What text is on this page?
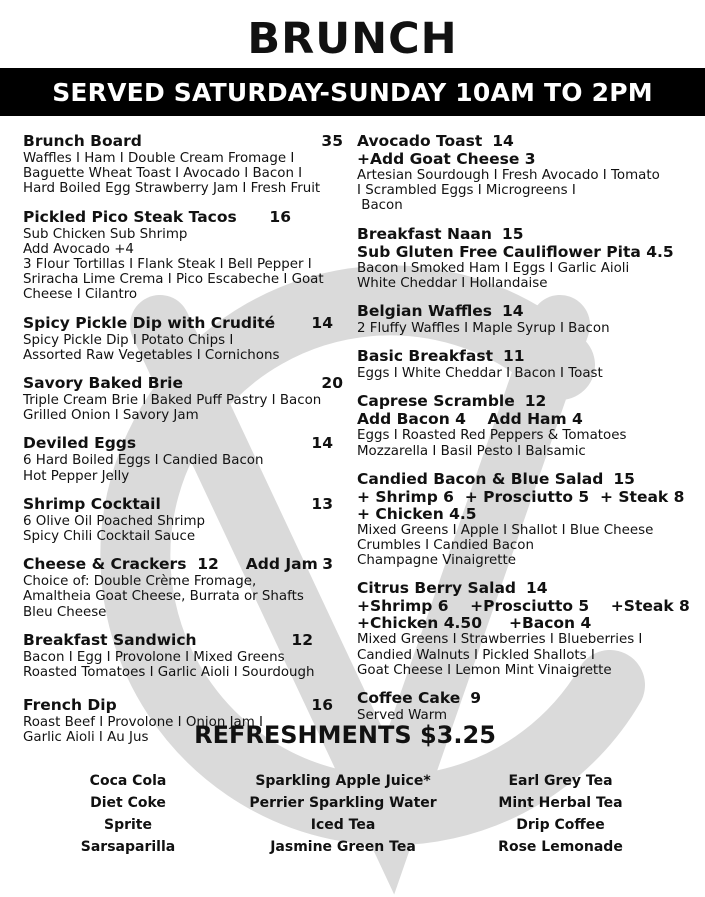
BRUNCH
SERVED SATURDAY-SUNDAY 10AM TO 2PM
Brunch Board	35
Waffles I Ham I Double Cream Fromage I
Baguette Wheat Toast I Avocado I Bacon I
Hard Boiled Egg Strawberry Jam I Fresh Fruit
Pickled Pico Steak Tacos 16
Sub Chicken Sub Shrimp
Add Avocado +4
3 Flour Tortillas I Flank Steak I Bell Pepper I
Sriracha Lime Crema I Pico Escabeche I Goat
Cheese I Cilantro
Spicy Pickle Dip with Crudité 14
Spicy Pickle Dip I Potato Chips I
Assorted Raw Vegetables I Cornichons
Savory Baked Brie	20
Triple Cream Brie I Baked Puff Pastry I Bacon
Grilled Onion I Savory Jam
Deviled Eggs	14
6 Hard Boiled Eggs I Candied Bacon
Hot Pepper Jelly
Shrimp Cocktail	13
6 Olive Oil Poached Shrimp
Spicy Chili Cocktail Sauce
Cheese & Crackers  12     Add Jam 3
Choice of: Double Crème Fromage,
Amaltheia Goat Cheese, Burrata or Shafts
Bleu Cheese
Breakfast Sandwich	12
Bacon I Egg I Provolone I Mixed Greens
Roasted Tomatoes I Garlic Aioli I Sourdough
French Dip	16
Roast Beef I Provolone I Onion Jam I
Garlic Aioli I Au Jus
Avocado Toast 14
+Add Goat Cheese 3
Artesian Sourdough I Fresh Avocado I Tomato
I Scrambled Eggs I Microgreens I
Bacon
Breakfast Naan 15
Sub Gluten Free Cauliflower Pita 4.5
Bacon I Smoked Ham I Eggs I Garlic Aioli
White Cheddar I Hollandaise
Belgian Waffles 14
2 Fluffy Waffles I Maple Syrup I Bacon
Basic Breakfast 11
Eggs I White Cheddar I Bacon I Toast
Caprese Scramble 12
Add Bacon 4    Add Ham 4
Eggs I Roasted Red Peppers & Tomatoes
Mozzarella I Basil Pesto I Balsamic
Candied Bacon & Blue Salad 15
+ Shrimp 6  + Prosciutto 5  + Steak 8
+ Chicken 4.5
Mixed Greens I Apple I Shallot I Blue Cheese
Crumbles I Candied Bacon
Champagne Vinaigrette
Citrus Berry Salad 14
+Shrimp 6    +Prosciutto 5    +Steak 8
+Chicken 4.50     +Bacon 4
Mixed Greens I Strawberries I Blueberries I
Candied Walnuts I Pickled Shallots I
Goat Cheese I Lemon Mint Vinaigrette
Coffee Cake 9
Served Warm
REFRESHMENTS $3.25
Coca Cola
Diet Coke
Sprite
Sarsaparilla
Sparkling Apple Juice*
Perrier Sparkling Water
Iced Tea
Jasmine Green Tea
Earl Grey Tea
Mint Herbal Tea
Drip Coffee
Rose Lemonade
